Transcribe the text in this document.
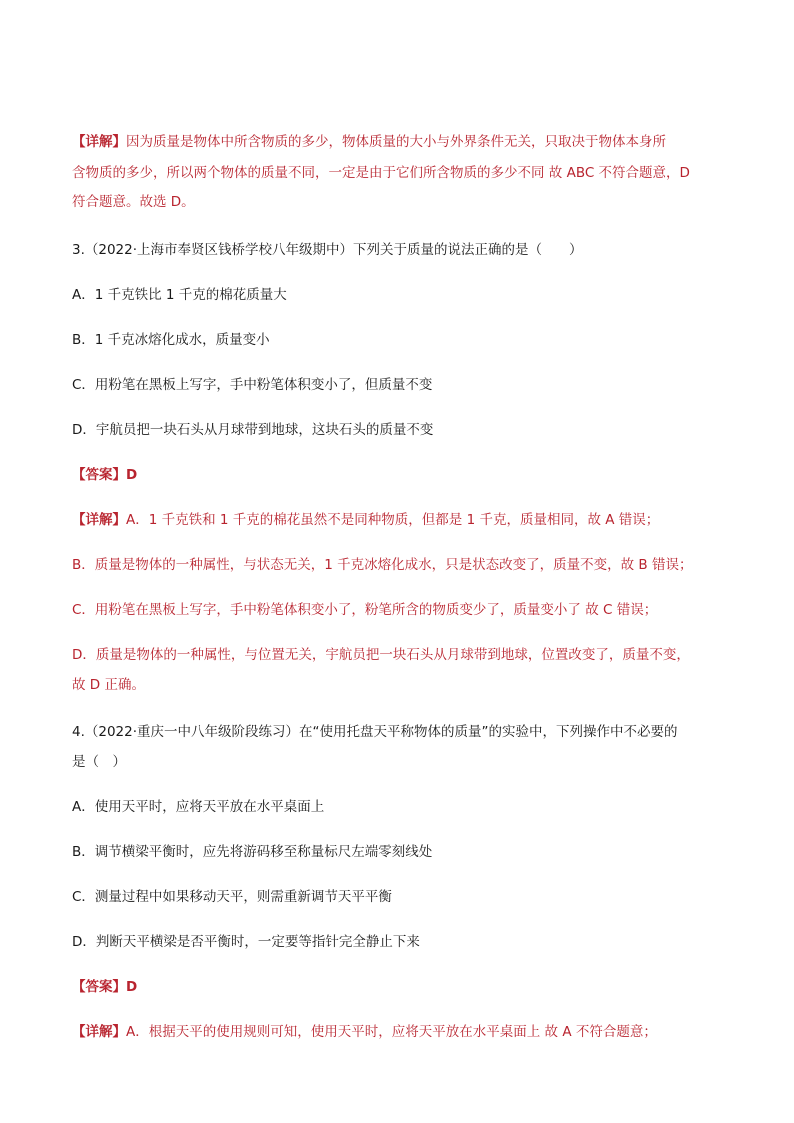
【详解】因为质量是物体中所含物质的多少，物体质量的大小与外界条件无关，只取决于物体本身所
含物质的多少，所以两个物体的质量不同，一定是由于它们所含物质的多少不同 故 ABC 不符合题意，D
符合题意。故选 D。
3.（2022·上海市奉贤区钱桥学校八年级期中）下列关于质量的说法正确的是（　　）
A．1 千克铁比 1 千克的棉花质量大
B．1 千克冰熔化成水，质量变小
C．用粉笔在黑板上写字，手中粉笔体积变小了，但质量不变
D．宇航员把一块石头从月球带到地球，这块石头的质量不变
【答案】D
【详解】A．1 千克铁和 1 千克的棉花虽然不是同种物质，但都是 1 千克，质量相同，故 A 错误；
B．质量是物体的一种属性，与状态无关，1 千克冰熔化成水，只是状态改变了，质量不变，故 B 错误；
C．用粉笔在黑板上写字，手中粉笔体积变小了，粉笔所含的物质变少了，质量变小了 故 C 错误；
D．质量是物体的一种属性，与位置无关，宇航员把一块石头从月球带到地球，位置改变了，质量不变，
故 D 正确。
4.（2022·重庆一中八年级阶段练习）在“使用托盘天平称物体的质量”的实验中，下列操作中不必要的
是（　）
A．使用天平时，应将天平放在水平桌面上
B．调节横梁平衡时，应先将游码移至称量标尺左端零刻线处
C．测量过程中如果移动天平，则需重新调节天平平衡
D．判断天平横梁是否平衡时，一定要等指针完全静止下来
【答案】D
【详解】A．根据天平的使用规则可知，使用天平时，应将天平放在水平桌面上 故 A 不符合题意；
